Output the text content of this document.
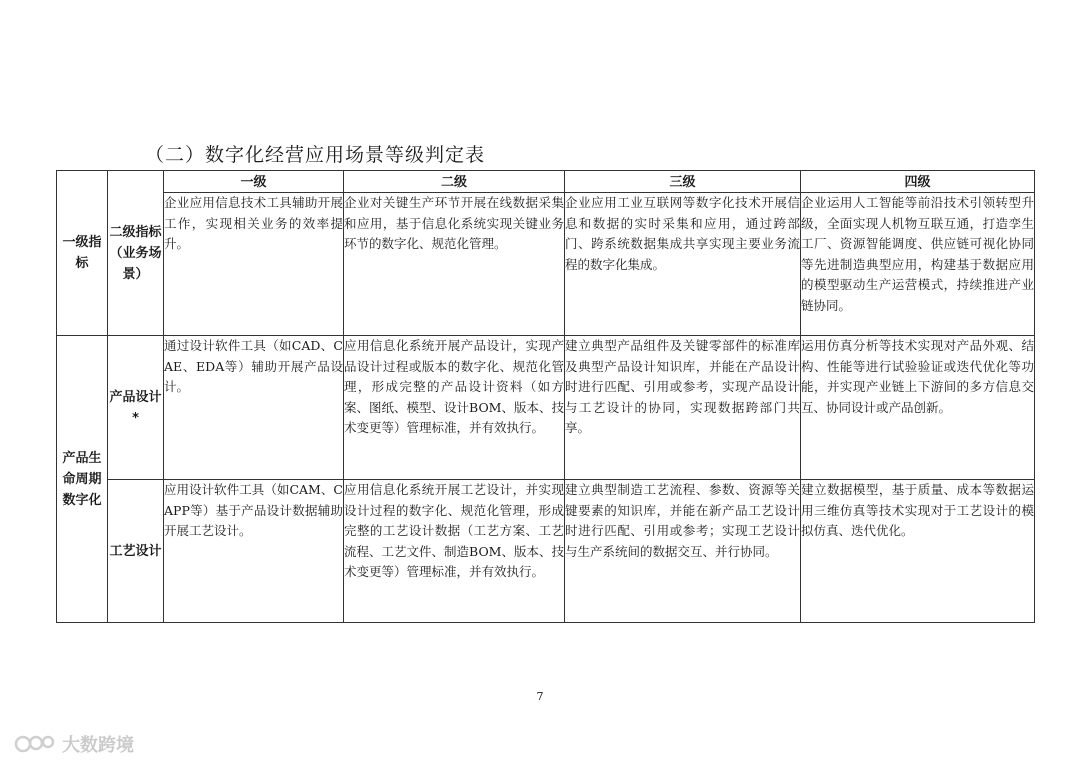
（二）数字化经营应用场景等级判定表
一级指标	二级指标（业务场景）	一级	二级	三级	四级
		企业应用信息技术工具辅助开展工作，实现相关业务的效率提升。	企业对关键生产环节开展在线数据采集和应用，基于信息化系统实现关键业务环节的数字化、规范化管理。	企业应用工业互联网等数字化技术开展信息和数据的实时采集和应用，通过跨部门、跨系统数据集成共享实现主要业务流程的数字化集成。	企业运用人工智能等前沿技术引领转型升级，全面实现人机物互联互通，打造孪生工厂、资源智能调度、供应链可视化协同等先进制造典型应用，构建基于数据应用的模型驱动生产运营模式，持续推进产业链协同。
产品生命周期数字化	产品设计*	通过设计软件工具（如CAD、CAE、EDA等）辅助开展产品设计。	应用信息化系统开展产品设计，实现产品设计过程或版本的数字化、规范化管理，形成完整的产品设计资料（如方案、图纸、模型、设计BOM、版本、技术变更等）管理标准，并有效执行。	建立典型产品组件及关键零部件的标准库及典型产品设计知识库，并能在产品设计时进行匹配、引用或参考，实现产品设计与工艺设计的协同，实现数据跨部门共享。	运用仿真分析等技术实现对产品外观、结构、性能等进行试验验证或迭代优化等功能，并实现产业链上下游间的多方信息交互、协同设计或产品创新。
	工艺设计	应用设计软件工具（如CAM、CAPP等）基于产品设计数据辅助开展工艺设计。	应用信息化系统开展工艺设计，并实现设计过程的数字化、规范化管理，形成完整的工艺设计数据（工艺方案、工艺流程、工艺文件、制造BOM、版本、技术变更等）管理标准，并有效执行。	建立典型制造工艺流程、参数、资源等关键要素的知识库，并能在新产品工艺设计时进行匹配、引用或参考；实现工艺设计与生产系统间的数据交互、并行协同。	建立数据模型，基于质量、成本等数据运用三维仿真等技术实现对于工艺设计的模拟仿真、迭代优化。
7
大数跨境
